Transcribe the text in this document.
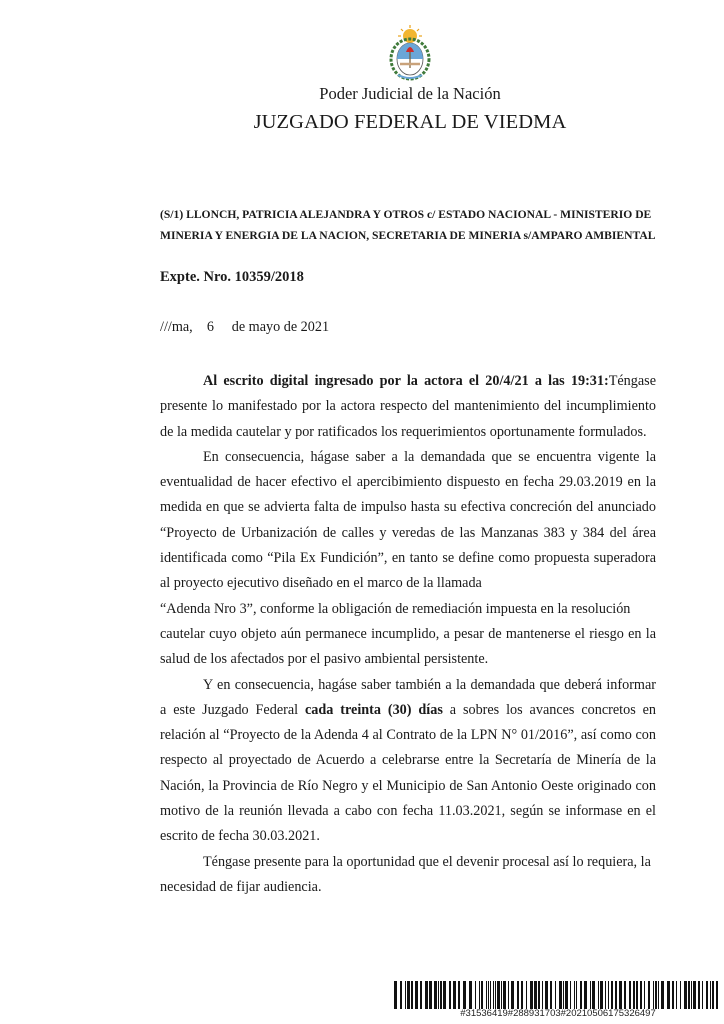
Poder Judicial de la Nación
JUZGADO FEDERAL DE VIEDMA
(S/1) LLONCH, PATRICIA ALEJANDRA Y OTROS c/ ESTADO NACIONAL - MINISTERIO DE MINERIA Y ENERGIA DE LA NACION, SECRETARIA DE MINERIA s/AMPARO AMBIENTAL
Expte. Nro. 10359/2018
///ma,    6     de mayo de 2021

Al escrito digital ingresado por la actora el 20/4/21 a las 19:31:Téngase presente lo manifestado por la actora respecto del mantenimiento del incumplimiento de la medida cautelar y por ratificados los requerimientos oportunamente formulados.

En consecuencia, hágase saber a la demandada que se encuentra vigente la eventualidad de hacer efectivo el apercibimiento dispuesto en fecha 29.03.2019 en la medida en que se advierta falta de impulso hasta su efectiva concreción del anunciado “Proyecto de Urbanización de calles y veredas de las Manzanas 383 y 384 del área identificada como “Pila Ex Fundición”, en tanto se define como propuesta superadora al proyecto ejecutivo diseñado en el marco de la llamada

“Adenda Nro 3”, conforme la obligación de remediación impuesta en la resolución

cautelar cuyo objeto aún permanece incumplido, a pesar de mantenerse el riesgo en la salud de los afectados por el pasivo ambiental persistente.

Y en consecuencia, hagáse saber también a la demandada que deberá informar a este Juzgado Federal cada treinta (30) días a sobres los avances concretos en relación al “Proyecto de la Adenda 4 al Contrato de la LPN N° 01/2016”, así como con respecto al proyectado de Acuerdo a celebrarse entre la Secretaría de Minería de la Nación, la Provincia de Río Negro y el Municipio de San Antonio Oeste originado con motivo de la reunión llevada a cabo con fecha 11.03.2021, según se informase en el escrito de fecha 30.03.2021.

Téngase presente para la oportunidad que el devenir procesal así lo requiera, la necesidad de fijar audiencia.

#31536419#288931703#20210506175326497
